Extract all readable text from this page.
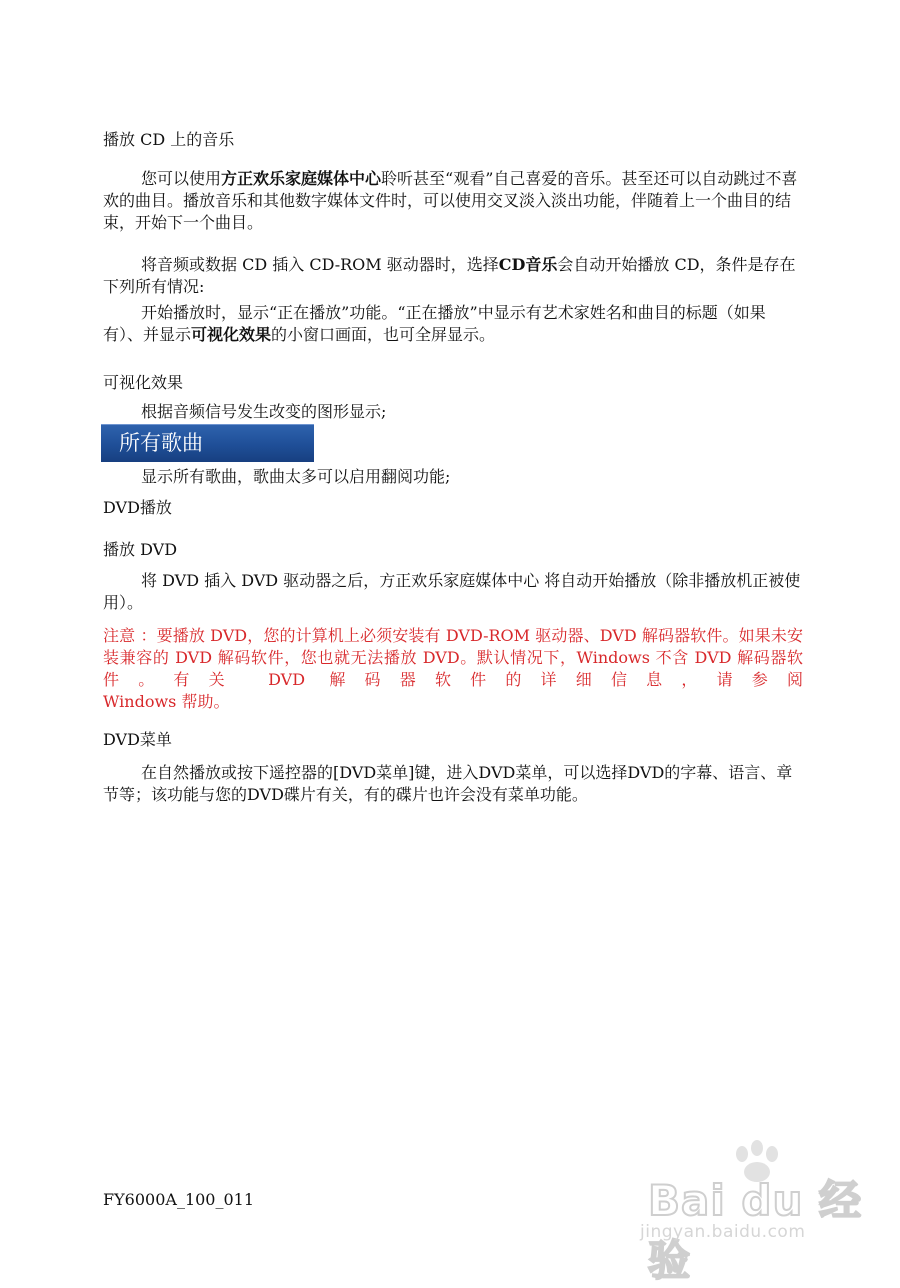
播放 CD 上的音乐

您可以使用方正欢乐家庭媒体中心聆听甚至“观看”自己喜爱的音乐。甚至还可以自动跳过不喜欢的曲目。播放音乐和其他数字媒体文件时，可以使用交叉淡入淡出功能，伴随着上一个曲目的结束，开始下一个曲目。

将音频或数据 CD 插入 CD-ROM 驱动器时，选择CD音乐会自动开始播放 CD，条件是存在下列所有情况:

开始播放时，显示“正在播放”功能。“正在播放”中显示有艺术家姓名和曲目的标题（如果有）、并显示可视化效果的小窗口画面，也可全屏显示。

可视化效果

根据音频信号发生改变的图形显示;

所有歌曲

显示所有歌曲，歌曲太多可以启用翻阅功能;

DVD播放
播放 DVD

将 DVD 插入 DVD 驱动器之后，方正欢乐家庭媒体中心 将自动开始播放（除非播放机正被使用）。

注意 ：要播放 DVD，您的计算机上必须安装有 DVD-ROM 驱动器、DVD 解码器软件。如果未安装兼容的 DVD 解码软件，您也就无法播放 DVD。默认情况下，Windows 不含 DVD 解码器软件。有关 DVD 解码器软件的详细信息，请参阅
Windows 帮助。
DVD菜单

在自然播放或按下遥控器的[DVD菜单]键，进入DVD菜单，可以选择DVD的字幕、语言、章节等；该功能与您的DVD碟片有关，有的碟片也许会没有菜单功能。

FY6000A_100_011	Bai du 经验
jingyan.baidu.com
